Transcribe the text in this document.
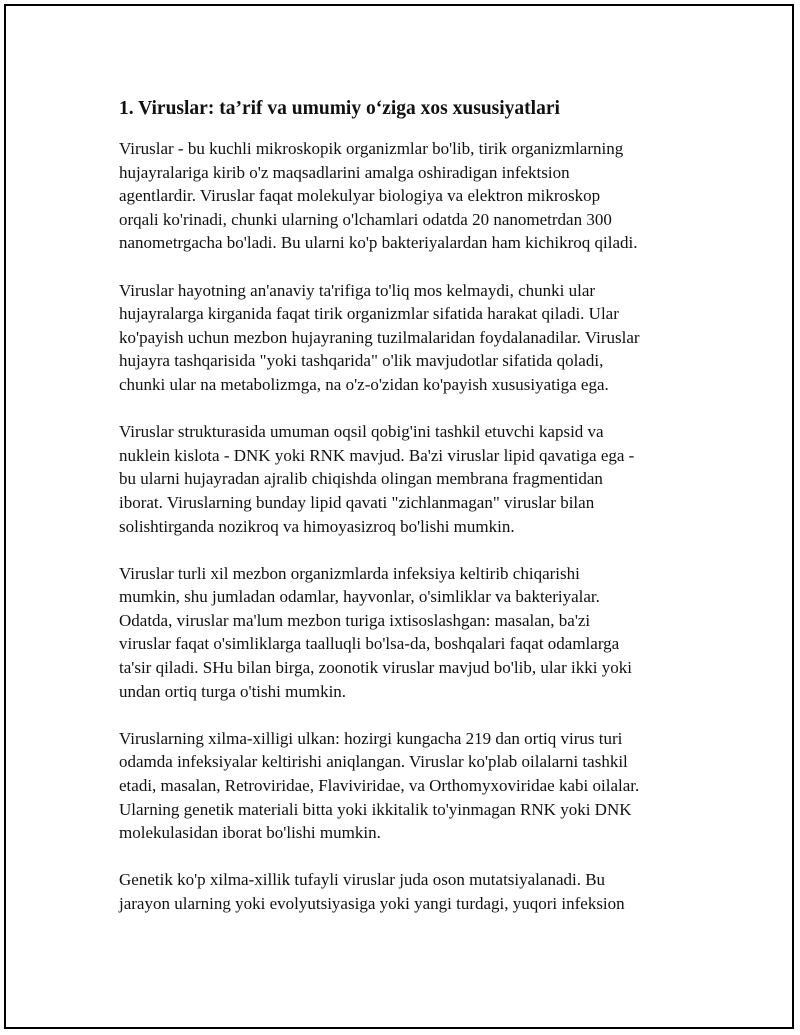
1. Viruslar: ta’rif va umumiy o‘ziga xos xususiyatlari

Viruslar - bu kuchli mikroskopik organizmlar bo'lib, tirik organizmlarning
hujayralariga kirib o'z maqsadlarini amalga oshiradigan infektsion
agentlardir. Viruslar faqat molekulyar biologiya va elektron mikroskop
orqali ko'rinadi, chunki ularning o'lchamlari odatda 20 nanometrdan 300
nanometrgacha bo'ladi. Bu ularni ko'p bakteriyalardan ham kichikroq qiladi.

Viruslar hayotning an'anaviy ta'rifiga to'liq mos kelmaydi, chunki ular
hujayralarga kirganida faqat tirik organizmlar sifatida harakat qiladi. Ular
ko'payish uchun mezbon hujayraning tuzilmalaridan foydalanadilar. Viruslar
hujayra tashqarisida "yoki tashqarida" o'lik mavjudotlar sifatida qoladi,
chunki ular na metabolizmga, na o'z-o'zidan ko'payish xususiyatiga ega.

Viruslar strukturasida umuman oqsil qobig'ini tashkil etuvchi kapsid va
nuklein kislota - DNK yoki RNK mavjud. Ba'zi viruslar lipid qavatiga ega -
bu ularni hujayradan ajralib chiqishda olingan membrana fragmentidan
iborat. Viruslarning bunday lipid qavati "zichlanmagan" viruslar bilan
solishtirganda nozikroq va himoyasizroq bo'lishi mumkin.

Viruslar turli xil mezbon organizmlarda infeksiya keltirib chiqarishi
mumkin, shu jumladan odamlar, hayvonlar, o'simliklar va bakteriyalar.
Odatda, viruslar ma'lum mezbon turiga ixtisoslashgan: masalan, ba'zi
viruslar faqat o'simliklarga taalluqli bo'lsa-da, boshqalari faqat odamlarga
ta'sir qiladi. SHu bilan birga, zoonotik viruslar mavjud bo'lib, ular ikki yoki
undan ortiq turga o'tishi mumkin.

Viruslarning xilma-xilligi ulkan: hozirgi kungacha 219 dan ortiq virus turi
odamda infeksiyalar keltirishi aniqlangan. Viruslar ko'plab oilalarni tashkil
etadi, masalan, Retroviridae, Flaviviridae, va Orthomyxoviridae kabi oilalar.
Ularning genetik materiali bitta yoki ikkitalik to'yinmagan RNK yoki DNK
molekulasidan iborat bo'lishi mumkin.

Genetik ko'p xilma-xillik tufayli viruslar juda oson mutatsiyalanadi. Bu
jarayon ularning yoki evolyutsiyasiga yoki yangi turdagi, yuqori infeksion
